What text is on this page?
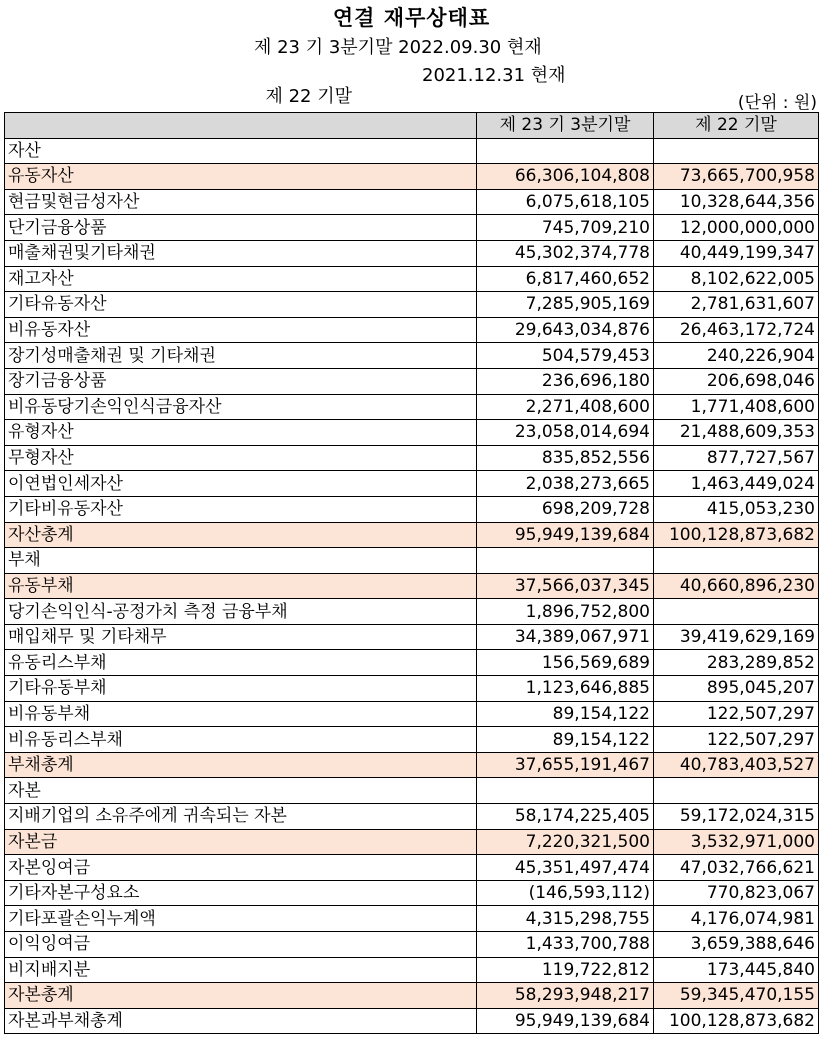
연결 재무상태표
제 23 기 3분기말 2022.09.30 현재

제 22 기말

2021.12.31 현재

(단위 : 원)
	제 23 기 3분기말	제 22 기말
자산		
유동자산	66,306,104,808	73,665,700,958
현금및현금성자산	6,075,618,105	10,328,644,356
단기금융상품	745,709,210	12,000,000,000
매출채권및기타채권	45,302,374,778	40,449,199,347
재고자산	6,817,460,652	8,102,622,005
기타유동자산	7,285,905,169	2,781,631,607
비유동자산	29,643,034,876	26,463,172,724
장기성매출채권 및 기타채권	504,579,453	240,226,904
장기금융상품	236,696,180	206,698,046
비유동당기손익인식금융자산	2,271,408,600	1,771,408,600
유형자산	23,058,014,694	21,488,609,353
무형자산	835,852,556	877,727,567
이연법인세자산	2,038,273,665	1,463,449,024
기타비유동자산	698,209,728	415,053,230
자산총계	95,949,139,684	100,128,873,682
부채		
유동부채	37,566,037,345	40,660,896,230
당기손익인식-공정가치 측정 금융부채	1,896,752,800	
매입채무 및 기타채무	34,389,067,971	39,419,629,169
유동리스부채	156,569,689	283,289,852
기타유동부채	1,123,646,885	895,045,207
비유동부채	89,154,122	122,507,297
비유동리스부채	89,154,122	122,507,297
부채총계	37,655,191,467	40,783,403,527
자본		
지배기업의 소유주에게 귀속되는 자본	58,174,225,405	59,172,024,315
자본금	7,220,321,500	3,532,971,000
자본잉여금	45,351,497,474	47,032,766,621
기타자본구성요소	(146,593,112)	770,823,067
기타포괄손익누계액	4,315,298,755	4,176,074,981
이익잉여금	1,433,700,788	3,659,388,646
비지배지분	119,722,812	173,445,840
자본총계	58,293,948,217	59,345,470,155
자본과부채총계	95,949,139,684	100,128,873,682
